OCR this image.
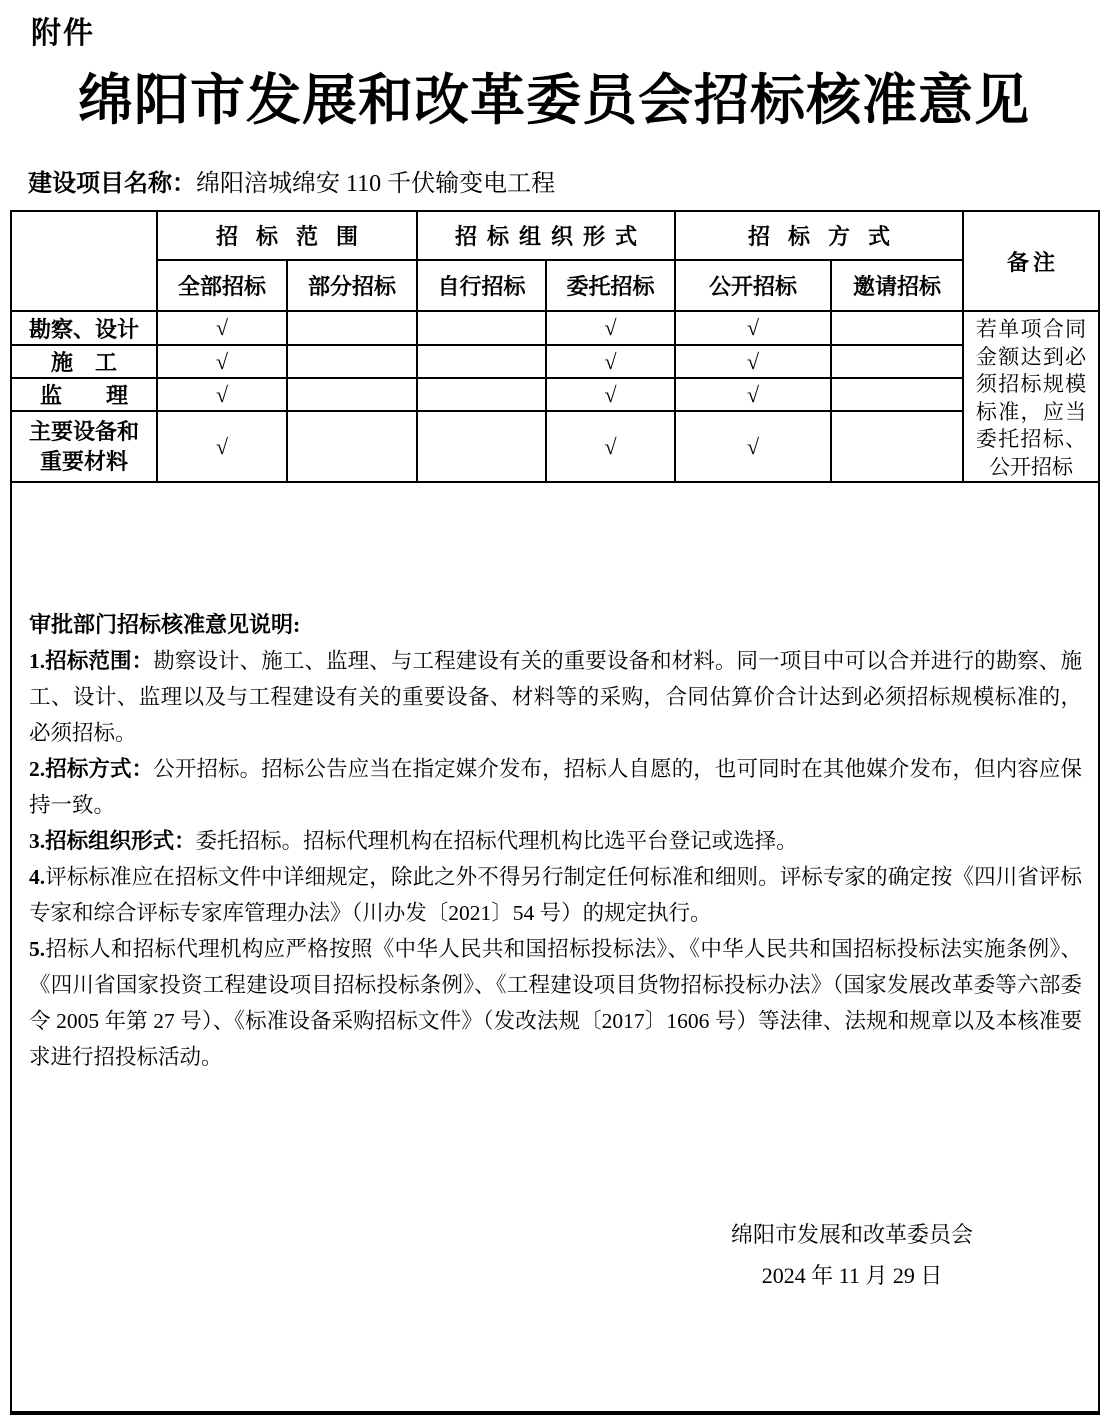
附件
绵阳市发展和改革委员会招标核准意见
建设项目名称：绵阳涪城绵安 110 千伏输变电工程
	招标范围		招标组织形式		招标方式		备注
	全部招标	部分招标	自行招标	委托招标	公开招标	邀请招标	
勘察、设计	√			√	√		若单项合同金额达到必须招标规模标准，应当委托招标、公开招标

施　工	√			√	√		
监　　理	√			√	√		

主要设备和重要材料	√			√	√		

审批部门招标核准意见说明:

1.招标范围：勘察设计、施工、监理、与工程建设有关的重要设备和材料。同一项目中可以合并进行的勘察、施工、设计、监理以及与工程建设有关的重要设备、材料等的采购，合同估算价合计达到必须招标规模标准的，必须招标。

2.招标方式：公开招标。招标公告应当在指定媒介发布，招标人自愿的，也可同时在其他媒介发布，但内容应保持一致。

3.招标组织形式：委托招标。招标代理机构在招标代理机构比选平台登记或选择。

4.评标标准应在招标文件中详细规定，除此之外不得另行制定任何标准和细则。评标专家的确定按《四川省评标专家和综合评标专家库管理办法》（川办发〔2021〕54 号）的规定执行。

5.招标人和招标代理机构应严格按照《中华人民共和国招标投标法》、《中华人民共和国招标投标法实施条例》、《四川省国家投资工程建设项目招标投标条例》、《工程建设项目货物招标投标办法》（国家发展改革委等六部委令 2005 年第 27 号）、《标准设备采购招标文件》（发改法规〔2017〕1606 号）等法律、法规和规章以及本核准要求进行招投标活动。

绵阳市发展和改革委员会
2024 年 11 月 29 日
